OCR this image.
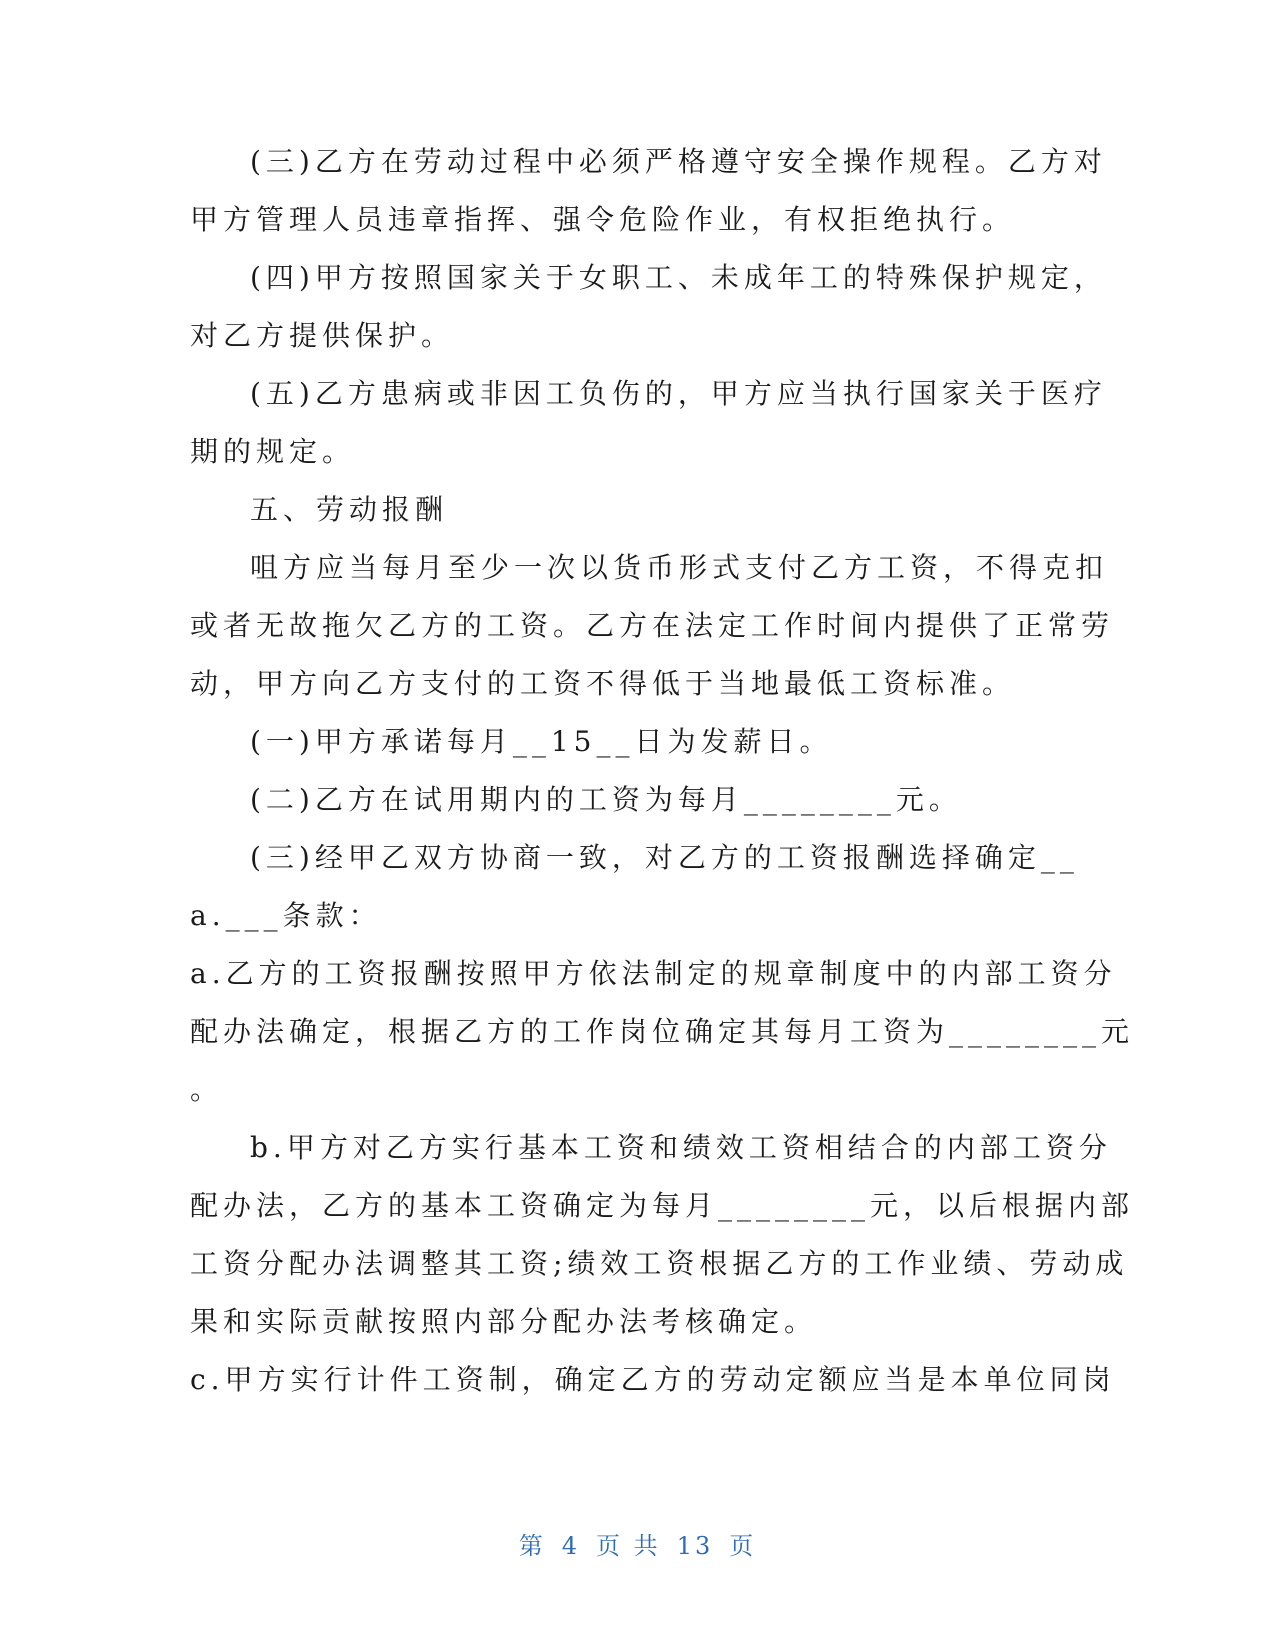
(三)乙方在劳动过程中必须严格遵守安全操作规程。乙方对
甲方管理人员违章指挥、强令危险作业，有权拒绝执行。
(四)甲方按照国家关于女职工、未成年工的特殊保护规定，
对乙方提供保护。
(五)乙方患病或非因工负伤的，甲方应当执行国家关于医疗
期的规定。
五、劳动报酬
咀方应当每月至少一次以货币形式支付乙方工资，不得克扣
或者无故拖欠乙方的工资。乙方在法定工作时间内提供了正常劳
动，甲方向乙方支付的工资不得低于当地最低工资标准。
(一)甲方承诺每月__15__日为发薪日。
(二)乙方在试用期内的工资为每月________元。
(三)经甲乙双方协商一致，对乙方的工资报酬选择确定__
a.___条款：
a.乙方的工资报酬按照甲方依法制定的规章制度中的内部工资分
配办法确定，根据乙方的工作岗位确定其每月工资为________元
。
b.甲方对乙方实行基本工资和绩效工资相结合的内部工资分
配办法，乙方的基本工资确定为每月________元，以后根据内部
工资分配办法调整其工资;绩效工资根据乙方的工作业绩、劳动成
果和实际贡献按照内部分配办法考核确定。
c.甲方实行计件工资制，确定乙方的劳动定额应当是本单位同岗
第 4 页 共 13 页
